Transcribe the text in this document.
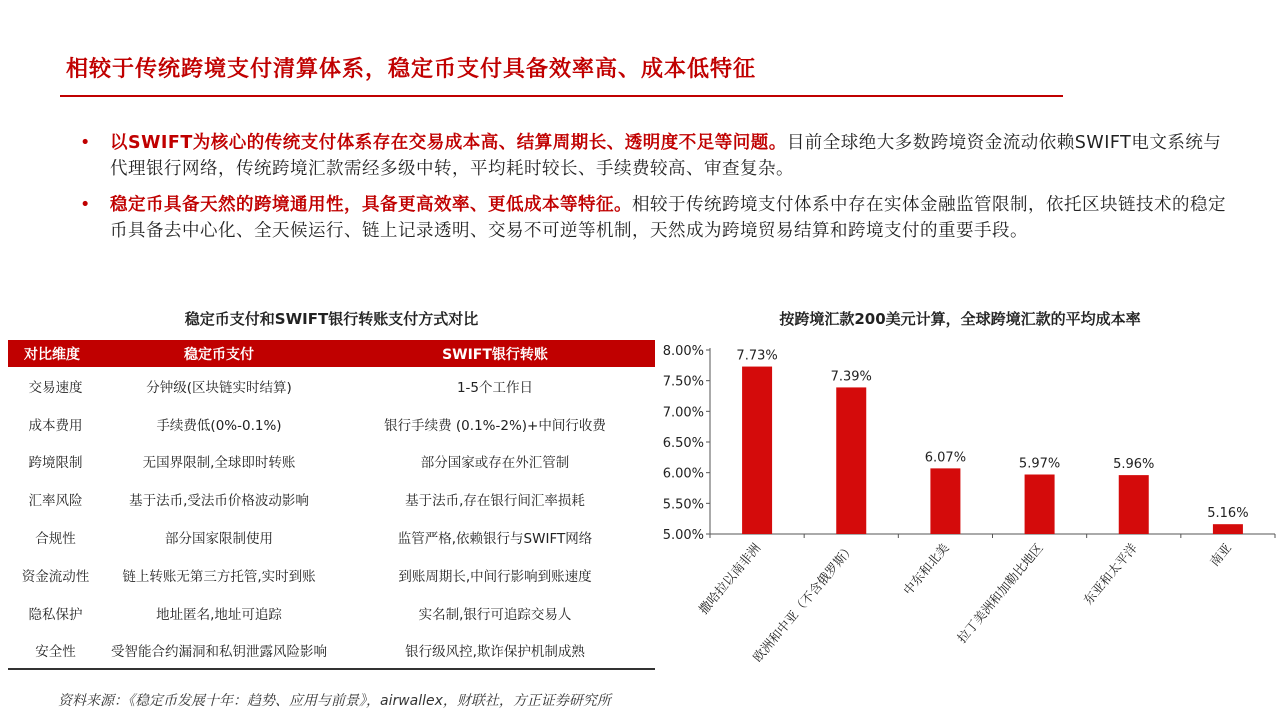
相较于传统跨境支付清算体系，稳定币支付具备效率高、成本低特征
• 以SWIFT为核心的传统支付体系存在交易成本高、结算周期长、透明度不足等问题。目前全球绝大多数跨境资金流动依赖SWIFT电文系统与代理银行网络，传统跨境汇款需经多级中转，平均耗时较长、手续费较高、审查复杂。
• 稳定币具备天然的跨境通用性，具备更高效率、更低成本等特征。相较于传统跨境支付体系中存在实体金融监管限制，依托区块链技术的稳定币具备去中心化、全天候运行、链上记录透明、交易不可逆等机制，天然成为跨境贸易结算和跨境支付的重要手段。
稳定币支付和SWIFT银行转账支付方式对比
对比维度	稳定币支付	SWIFT银行转账
交易速度	分钟级(区块链实时结算)	1-5个工作日
成本费用	手续费低(0%-0.1%)	银行手续费 (0.1%-2%)+中间行收费
跨境限制	无国界限制,全球即时转账	部分国家或存在外汇管制
汇率风险	基于法币,受法币价格波动影响	基于法币,存在银行间汇率损耗
合规性	部分国家限制使用	监管严格,依赖银行与SWIFT网络
资金流动性	链上转账无第三方托管,实时到账	到账周期长,中间行影响到账速度
隐私保护	地址匿名,地址可追踪	实名制,银行可追踪交易人
安全性	受智能合约漏洞和私钥泄露风险影响	银行级风控,欺诈保护机制成熟
资料来源：《稳定币发展十年：趋势、应用与前景》，airwallex，财联社，方正证券研究所
按跨境汇款200美元计算，全球跨境汇款的平均成本率
5.00%
5.50%
6.00%
6.50%
7.00%
7.50%
8.00% 7.73%
撒哈拉以南非洲
7.39%
欧洲和中亚（不含俄罗斯）
6.07%
中东和北美
5.97%
拉丁美洲和加勒比地区
5.96%
东亚和太平洋
5.16%
南亚
